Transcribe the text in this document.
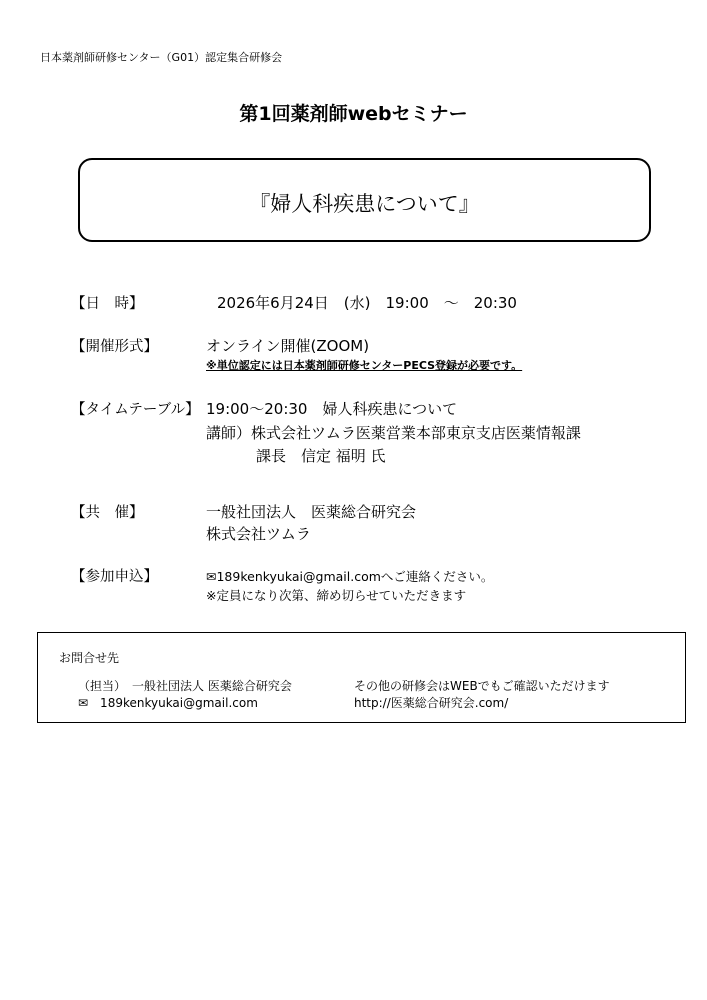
日本薬剤師研修センター（G01）認定集合研修会
第1回薬剤師webセミナー
『婦人科疾患について』
【日　時】	2026年6月24日　(水)　19:00　～　20:30
【開催形式】	オンライン開催(ZOOM)
※単位認定には日本薬剤師研修センターPECS登録が必要です。
【タイムテーブル】 19:00～20:30　婦人科疾患について
講師）株式会社ツムラ医薬営業本部東京支店医薬情報課
課長　信定 福明 氏
【共　催】	一般社団法人　医薬総合研究会
株式会社ツムラ
【参加申込】	✉189kenkyukai@gmail.comへご連絡ください。
※定員になり次第、締め切らせていただきます
お問合せ先
（担当）　一般社団法人 医薬総合研究会
✉　189kenkyukai@gmail.com
その他の研修会はWEBでもご確認いただけます
http://医薬総合研究会.com/
